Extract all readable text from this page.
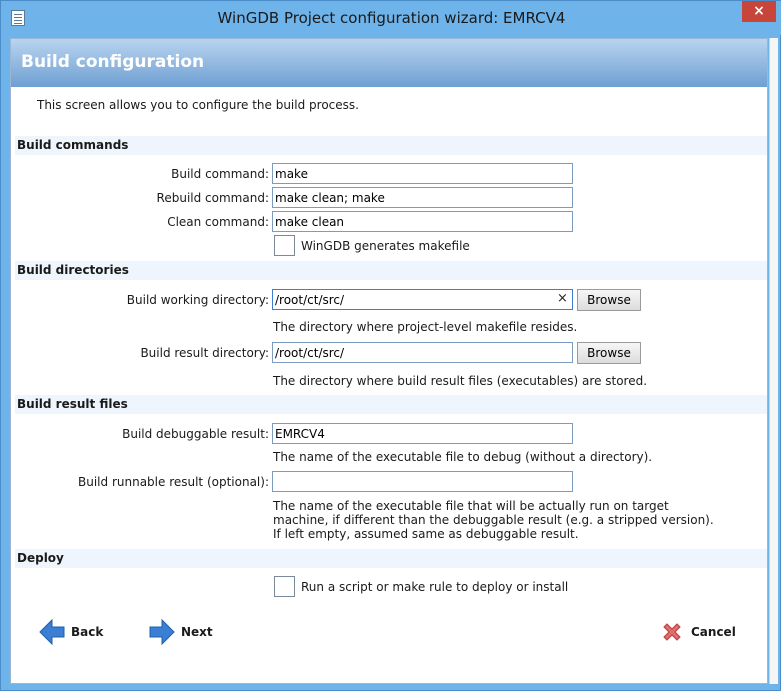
WinGDB Project configuration wizard: EMRCV4	×
Build configuration
This screen allows you to configure the build process.
Build commands
Build command:
make
Rebuild command:
make clean; make
Clean command:
make clean
WinGDB generates makefile
Build directories
Build working directory:
/root/ct/src/	×	Browse
The directory where project-level makefile resides.
Build result directory:
/root/ct/src/	Browse
The directory where build result files (executables) are stored.
Build result files
Build debuggable result:
EMRCV4
The name of the executable file to debug (without a directory).
Build runnable result (optional):
The name of the executable file that will be actually run on target
machine, if different than the debuggable result (e.g. a stripped version).
If left empty, assumed same as debuggable result.
Deploy
Run a script or make rule to deploy or install
Back	Next	Cancel
